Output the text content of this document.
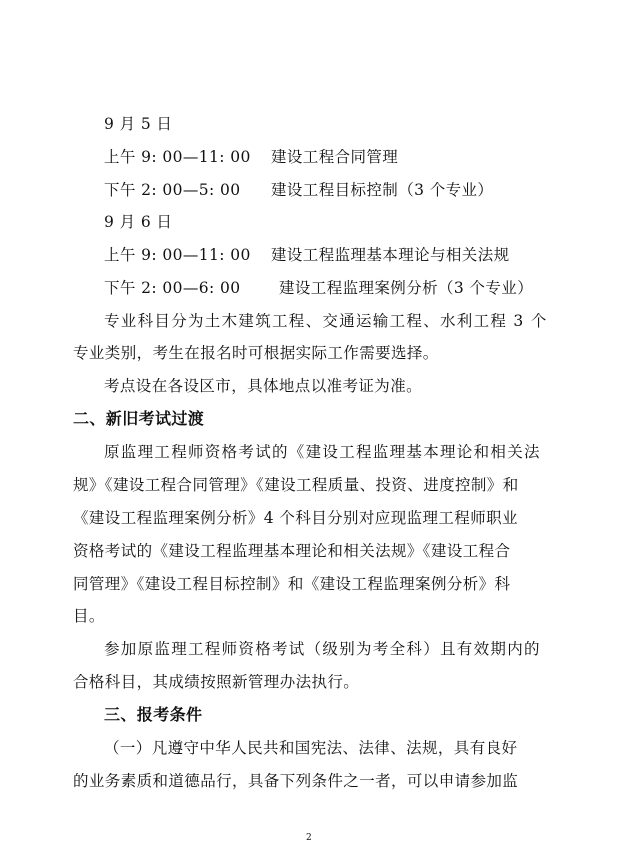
9 月 5 日

上午 9: 00—11: 00 建设工程合同管理

下午 2: 00—5: 00 建设工程目标控制（3 个专业）

9 月 6 日

上午 9: 00—11: 00 建设工程监理基本理论与相关法规

下午 2: 00—6: 00 建设工程监理案例分析（3 个专业）

专业科目分为土木建筑工程、交通运输工程、水利工程 3 个

专业类别，考生在报名时可根据实际工作需要选择。

考点设在各设区市，具体地点以准考证为准。

二、新旧考试过渡

原监理工程师资格考试的《建设工程监理基本理论和相关法

规》《建设工程合同管理》《建设工程质量、投资、进度控制》和

《建设工程监理案例分析》4 个科目分别对应现监理工程师职业

资格考试的《建设工程监理基本理论和相关法规》《建设工程合

同管理》《建设工程目标控制》和《建设工程监理案例分析》科

目。

参加原监理工程师资格考试（级别为考全科）且有效期内的

合格科目，其成绩按照新管理办法执行。

三、报考条件

（一）凡遵守中华人民共和国宪法、法律、法规，具有良好

的业务素质和道德品行，具备下列条件之一者，可以申请参加监

2
